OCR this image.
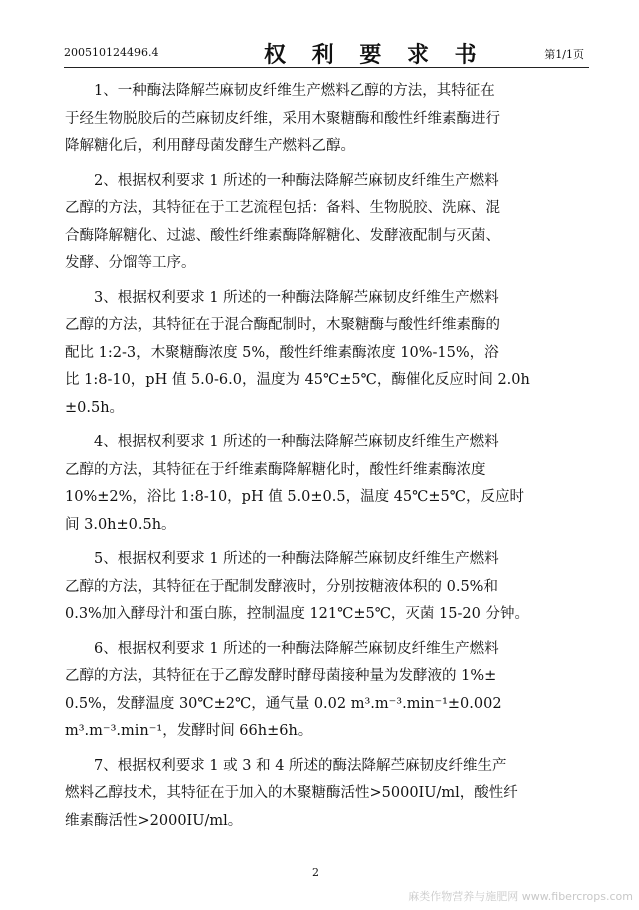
200510124496.4	权 利 要 求 书	第1/1页
1、一种酶法降解苎麻韧皮纤维生产燃料乙醇的方法，其特征在
于经生物脱胶后的苎麻韧皮纤维，采用木聚糖酶和酸性纤维素酶进行
降解糖化后，利用酵母菌发酵生产燃料乙醇。
2、根据权利要求 1 所述的一种酶法降解苎麻韧皮纤维生产燃料
乙醇的方法，其特征在于工艺流程包括：备料、生物脱胶、洗麻、混
合酶降解糖化、过滤、酸性纤维素酶降解糖化、发酵液配制与灭菌、
发酵、分馏等工序。
3、根据权利要求 1 所述的一种酶法降解苎麻韧皮纤维生产燃料
乙醇的方法，其特征在于混合酶配制时，木聚糖酶与酸性纤维素酶的
配比 1:2-3，木聚糖酶浓度 5%，酸性纤维素酶浓度 10%-15%，浴
比 1:8-10，pH 值 5.0-6.0，温度为 45℃±5℃，酶催化反应时间 2.0h
±0.5h。
4、根据权利要求 1 所述的一种酶法降解苎麻韧皮纤维生产燃料
乙醇的方法，其特征在于纤维素酶降解糖化时，酸性纤维素酶浓度
10%±2%，浴比 1:8-10，pH 值 5.0±0.5，温度 45℃±5℃，反应时
间 3.0h±0.5h。
5、根据权利要求 1 所述的一种酶法降解苎麻韧皮纤维生产燃料
乙醇的方法，其特征在于配制发酵液时，分别按糖液体积的 0.5%和
0.3%加入酵母汁和蛋白胨，控制温度 121℃±5℃，灭菌 15-20 分钟。
6、根据权利要求 1 所述的一种酶法降解苎麻韧皮纤维生产燃料
乙醇的方法，其特征在于乙醇发酵时酵母菌接种量为发酵液的 1%±
0.5%，发酵温度 30℃±2℃，通气量 0.02 m³.m⁻³.min⁻¹±0.002
m³.m⁻³.min⁻¹，发酵时间 66h±6h。
7、根据权利要求 1 或 3 和 4 所述的酶法降解苎麻韧皮纤维生产
燃料乙醇技术，其特征在于加入的木聚糖酶活性>5000IU/ml，酸性纤
维素酶活性>2000IU/ml。
2
麻类作物营养与施肥网 www.fibercrops.com
